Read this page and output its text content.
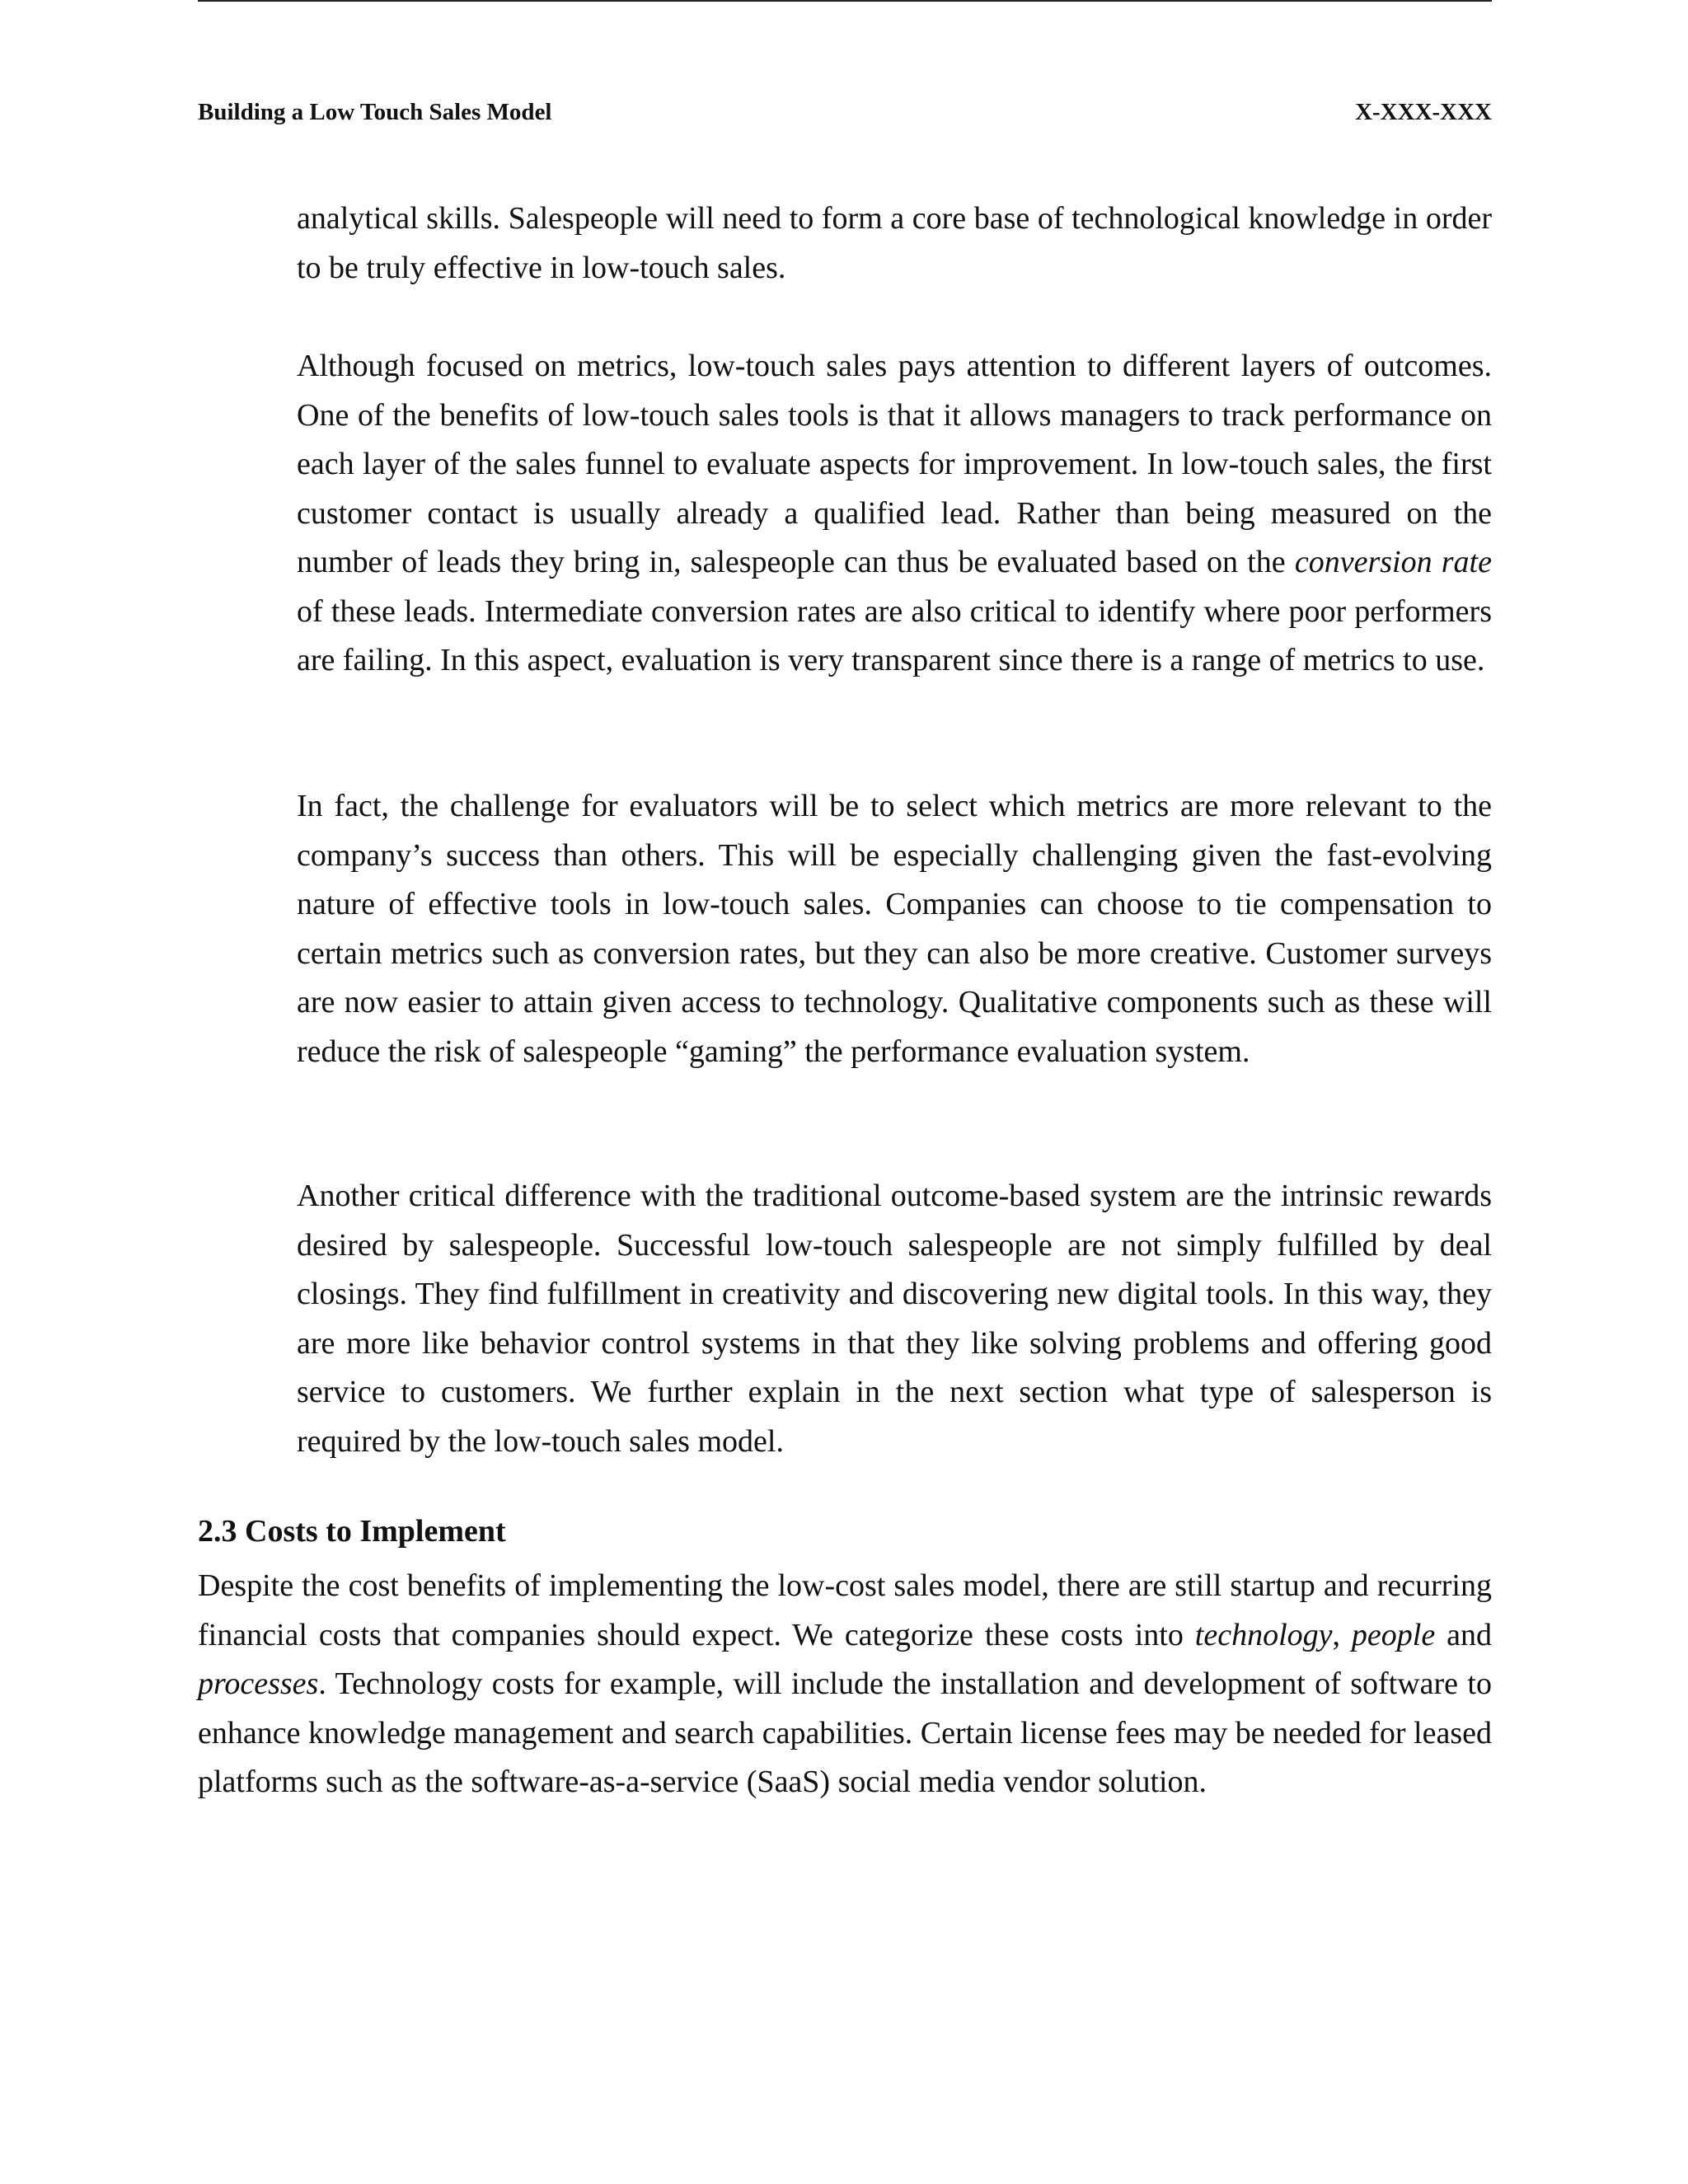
Building a Low Touch Sales Model	X-XXX-XXX

analytical skills. Salespeople will need to form a core base of technological knowledge in order to be truly effective in low-touch sales.

Although focused on metrics, low-touch sales pays attention to different layers of outcomes. One of the benefits of low-touch sales tools is that it allows managers to track performance on each layer of the sales funnel to evaluate aspects for improvement. In low-touch sales, the first customer contact is usually already a qualified lead. Rather than being measured on the number of leads they bring in, salespeople can thus be evaluated based on the conversion rate of these leads. Intermediate conversion rates are also critical to identify where poor performers are failing. In this aspect, evaluation is very transparent since there is a range of metrics to use.

In fact, the challenge for evaluators will be to select which metrics are more relevant to the company’s success than others. This will be especially challenging given the fast-evolving nature of effective tools in low-touch sales. Companies can choose to tie compensation to certain metrics such as conversion rates, but they can also be more creative. Customer surveys are now easier to attain given access to technology. Qualitative components such as these will reduce the risk of salespeople “gaming” the performance evaluation system.

Another critical difference with the traditional outcome-based system are the intrinsic rewards desired by salespeople. Successful low-touch salespeople are not simply fulfilled by deal closings. They find fulfillment in creativity and discovering new digital tools. In this way, they are more like behavior control systems in that they like solving problems and offering good service to customers. We further explain in the next section what type of salesperson is required by the low-touch sales model.

2.3 Costs to Implement

Despite the cost benefits of implementing the low-cost sales model, there are still startup and recurring financial costs that companies should expect. We categorize these costs into technology, people and processes. Technology costs for example, will include the installation and development of software to enhance knowledge management and search capabilities. Certain license fees may be needed for leased platforms such as the software-as-a-service (SaaS) social media vendor solution.
